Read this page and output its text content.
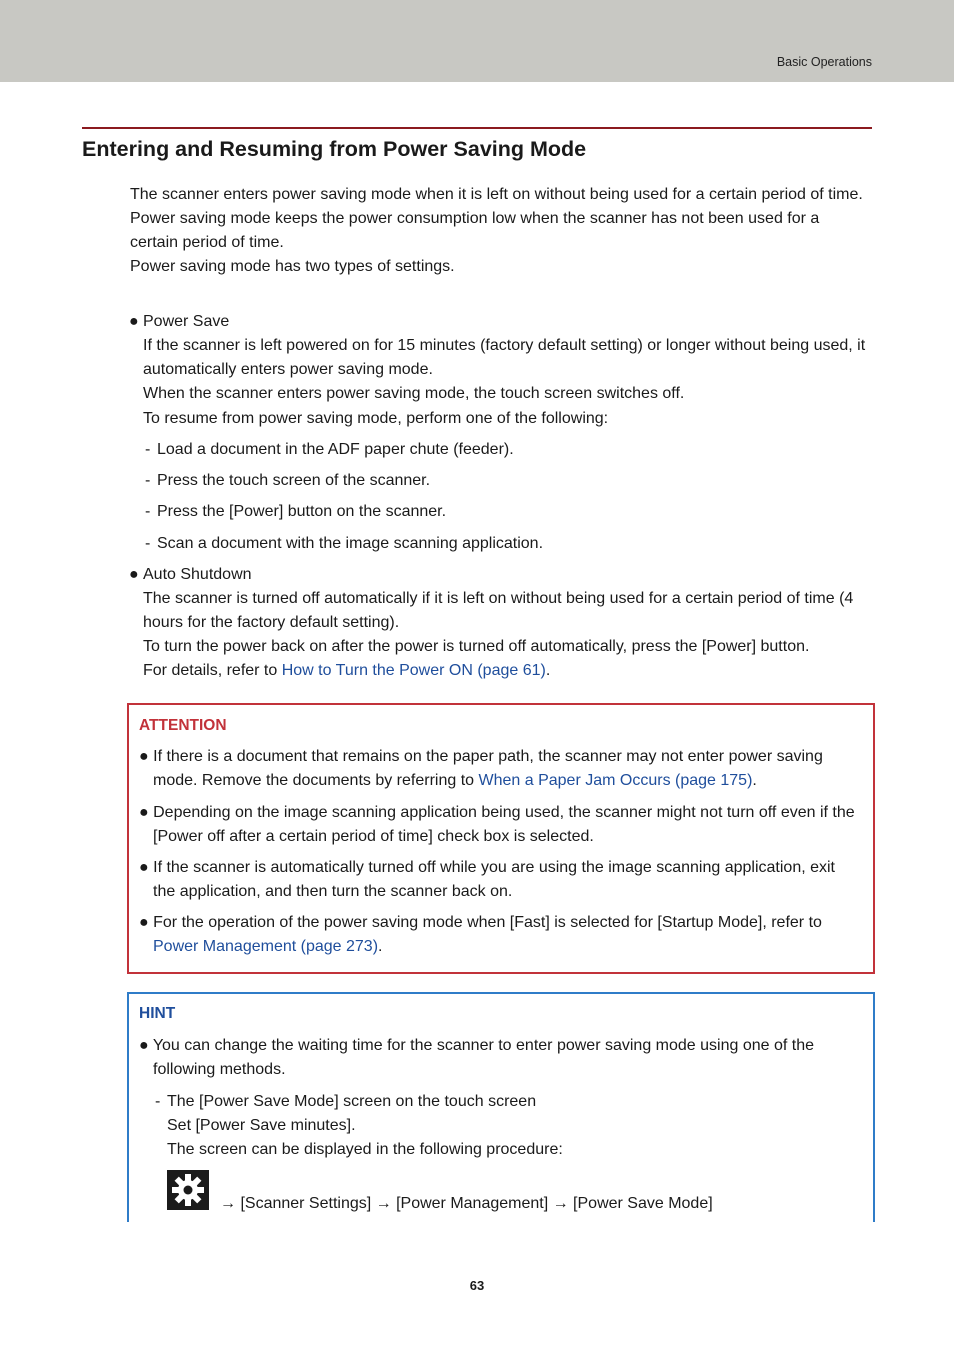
Basic Operations
Entering and Resuming from Power Saving Mode

The scanner enters power saving mode when it is left on without being used for a certain period of time.

Power saving mode keeps the power consumption low when the scanner has not been used for a certain period of time.

Power saving mode has two types of settings.

● Power Save
If the scanner is left powered on for 15 minutes (factory default setting) or longer without being used, it automatically enters power saving mode.
When the scanner enters power saving mode, the touch screen switches off.
To resume from power saving mode, perform one of the following:
- Load a document in the ADF paper chute (feeder).
- Press the touch screen of the scanner.
- Press the [Power] button on the scanner.
- Scan a document with the image scanning application.
● Auto Shutdown
The scanner is turned off automatically if it is left on without being used for a certain period of time (4 hours for the factory default setting).
To turn the power back on after the power is turned off automatically, press the [Power] button.
For details, refer to How to Turn the Power ON (page 61).
ATTENTION
● If there is a document that remains on the paper path, the scanner may not enter power saving mode. Remove the documents by referring to When a Paper Jam Occurs (page 175).
● Depending on the image scanning application being used, the scanner might not turn off even if the [Power off after a certain period of time] check box is selected.
● If the scanner is automatically turned off while you are using the image scanning application, exit the application, and then turn the scanner back on.
● For the operation of the power saving mode when [Fast] is selected for [Startup Mode], refer to Power Management (page 273).
HINT
● You can change the waiting time for the scanner to enter power saving mode using one of the following methods.
- The [Power Save Mode] screen on the touch screen
Set [Power Save minutes].
The screen can be displayed in the following procedure:
→ [Scanner Settings] → [Power Management] → [Power Save Mode]
63
